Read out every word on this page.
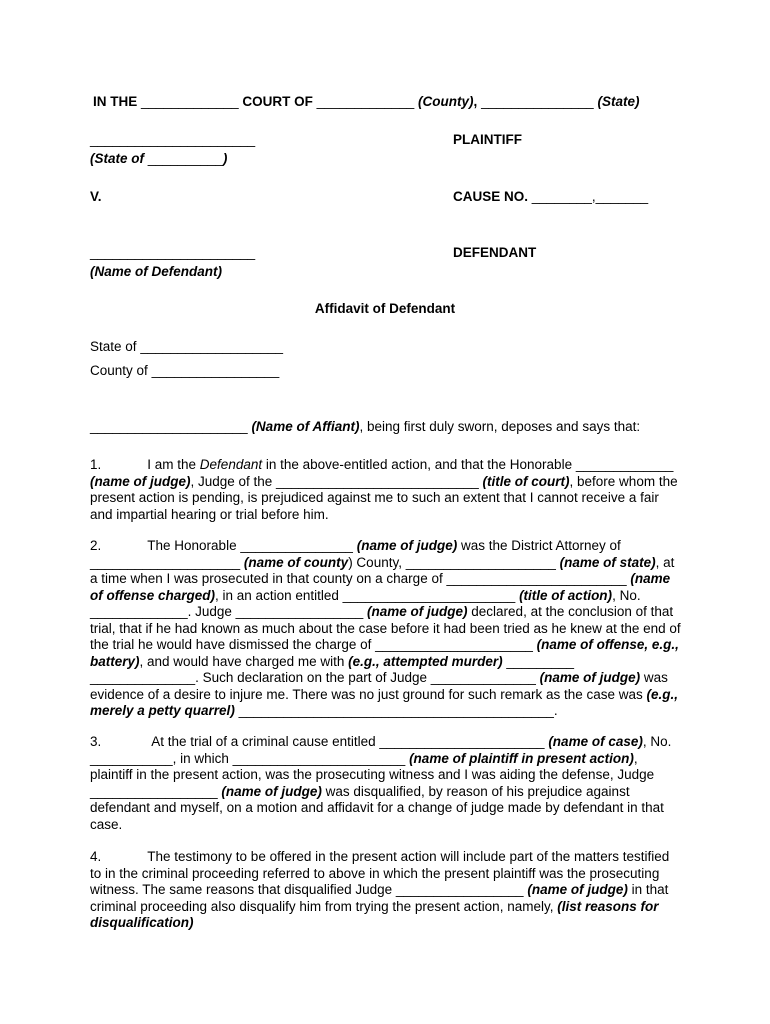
IN THE _____________ COURT OF _____________ (County), _______________ (State)
______________________	PLAINTIFF
(State of __________)
V.	CAUSE NO. ________,_______
______________________	DEFENDANT
(Name of Defendant)
Affidavit of Defendant
State of ___________________
County of _________________
_____________________ (Name of Affiant), being first duly sworn, deposes and says that:
1.	I am the Defendant in the above-entitled action, and that the Honorable _____________
(name of judge), Judge of the ___________________________ (title of court), before whom the present action is pending, is prejudiced against me to such an extent that I cannot receive a fair and impartial hearing or trial before him.
2.	The Honorable _______________ (name of judge) was the District Attorney of
____________________ (name of county) County, ____________________ (name of state), at a time when I was prosecuted in that county on a charge of ________________________ (name of offense charged), in an action entitled _______________________ (title of action), No. _____________. Judge _________________ (name of judge) declared, at the conclusion of that trial, that if he had known as much about the case before it had been tried as he knew at the end of the trial he would have dismissed the charge of _____________________ (name of offense, e.g., battery), and would have charged me with (e.g., attempted murder) _________ ______________. Such declaration on the part of Judge ______________ (name of judge) was evidence of a desire to injure me. There was no just ground for such remark as the case was (e.g., merely a petty quarrel) __________________________________________.
3.	At the trial of a criminal cause entitled ______________________ (name of case), No.
___________, in which _______________________ (name of plaintiff in present action), plaintiff in the present action, was the prosecuting witness and I was aiding the defense, Judge _________________ (name of judge) was disqualified, by reason of his prejudice against defendant and myself, on a motion and affidavit for a change of judge made by defendant in that case.
4.	The testimony to be offered in the present action will include part of the matters testified
to in the criminal proceeding referred to above in which the present plaintiff was the prosecuting witness. The same reasons that disqualified Judge _________________ (name of judge) in that criminal proceeding also disqualify him from trying the present action, namely, (list reasons for disqualification)
